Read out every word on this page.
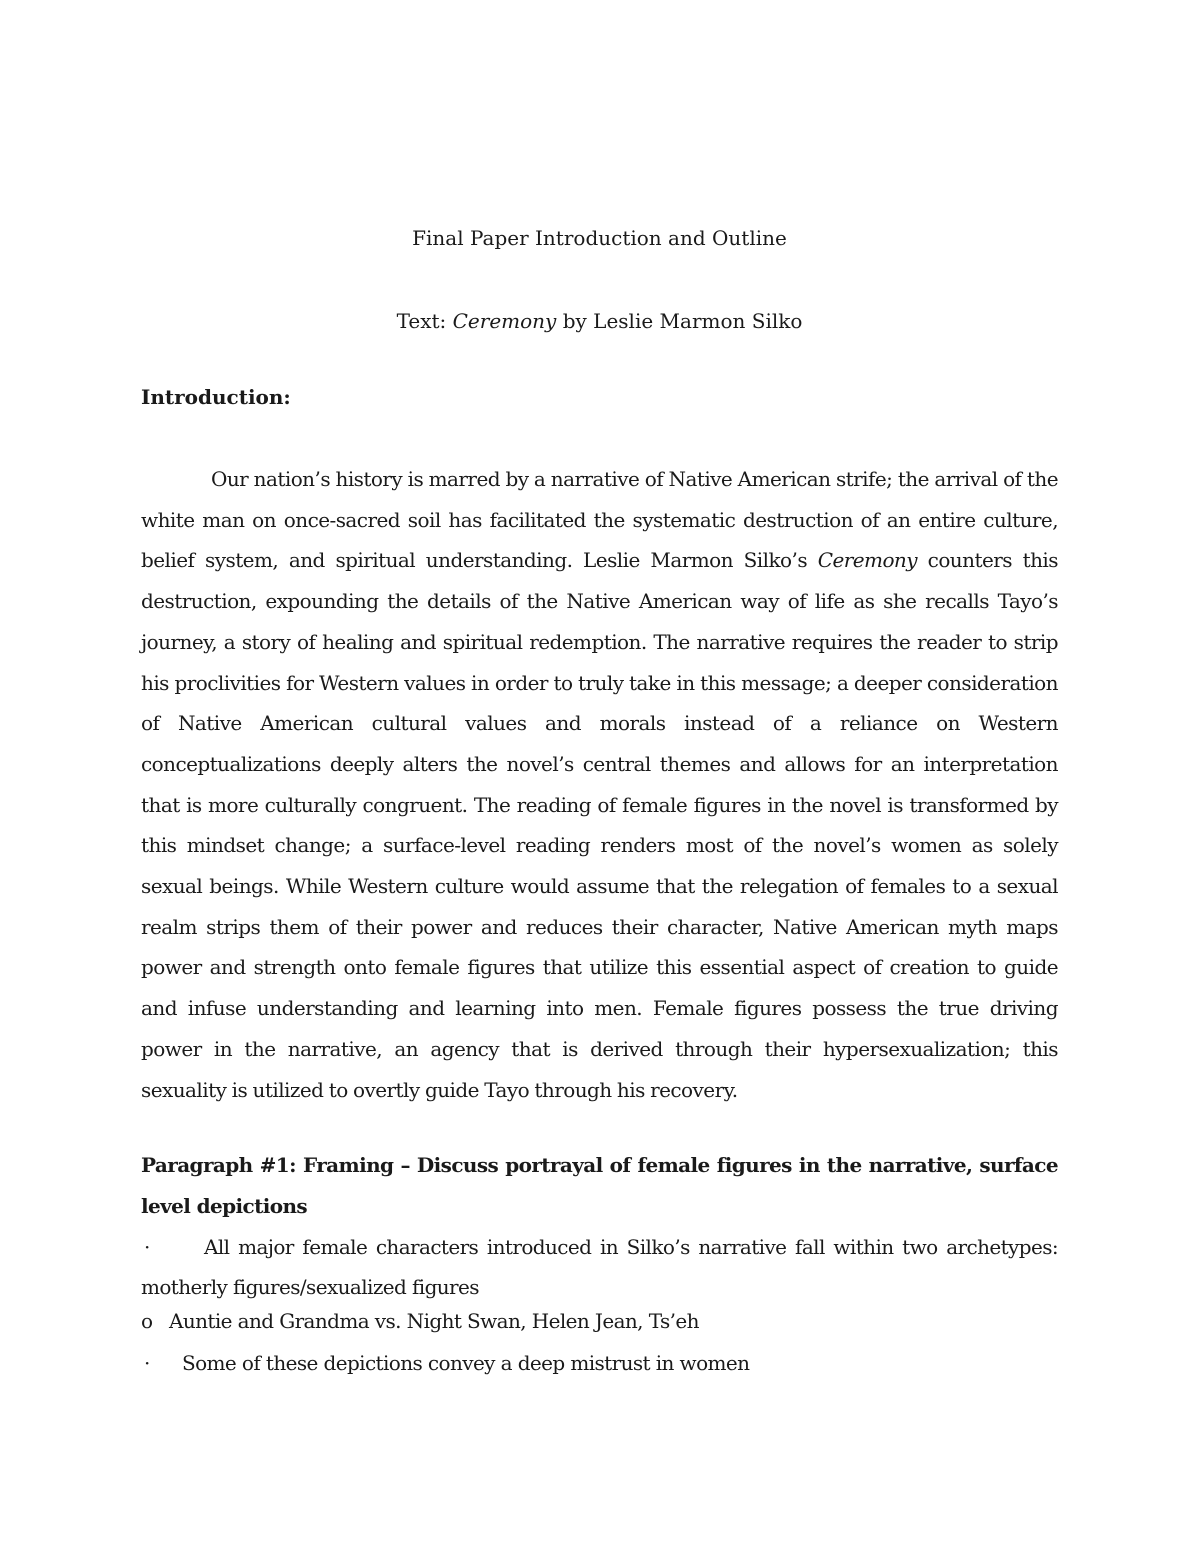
Final Paper Introduction and Outline

Text: Ceremony by Leslie Marmon Silko

Introduction:

Our nation’s history is marred by a narrative of Native American strife; the arrival of the white man on once-sacred soil has facilitated the systematic destruction of an entire culture, belief system, and spiritual understanding. Leslie Marmon Silko’s Ceremony counters this destruction, expounding the details of the Native American way of life as she recalls Tayo’s journey, a story of healing and spiritual redemption. The narrative requires the reader to strip his proclivities for Western values in order to truly take in this message; a deeper consideration of Native American cultural values and morals instead of a reliance on Western conceptualizations deeply alters the novel’s central themes and allows for an interpretation that is more culturally congruent. The reading of female figures in the novel is transformed by this mindset change; a surface-level reading renders most of the novel’s women as solely sexual beings. While Western culture would assume that the relegation of females to a sexual realm strips them of their power and reduces their character, Native American myth maps power and strength onto female figures that utilize this essential aspect of creation to guide and infuse understanding and learning into men. Female figures possess the true driving power in the narrative, an agency that is derived through their hypersexualization; this sexuality is utilized to overtly guide Tayo through his recovery.

Paragraph #1: Framing – Discuss portrayal of female figures in the narrative, surface level depictions

·	All major female characters introduced in Silko’s narrative fall within two archetypes: motherly figures/sexualized figures

o Auntie and Grandma vs. Night Swan, Helen Jean, Ts’eh

· Some of these depictions convey a deep mistrust in women
